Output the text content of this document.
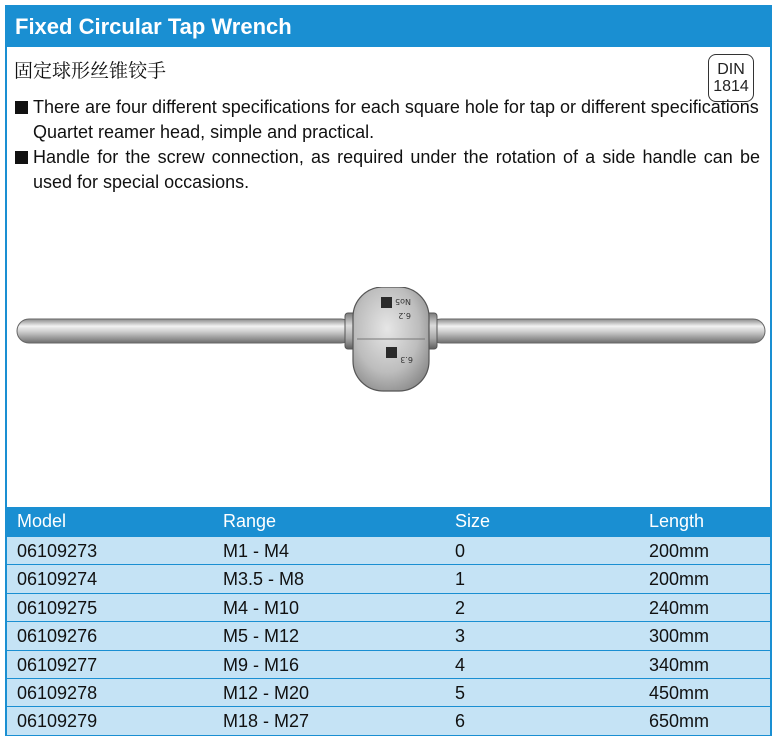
Fixed Circular Tap Wrench
固定球形丝锥铰手	DIN
1814
There are four different specifications for each square hole for tap or different specifications Quartet reamer head, simple and practical.
Handle for the screw connection, as required under the rotation of a side handle can be used for special occasions.
No5
6.2
6.3
Model	Range	Size	Length
06109273	M1 - M4	0	200mm
06109274	M3.5 - M8	1	200mm
06109275	M4 - M10	2	240mm
06109276	M5 - M12	3	300mm
06109277	M9 - M16	4	340mm
06109278	M12 - M20	5	450mm
06109279	M18 - M27	6	650mm
